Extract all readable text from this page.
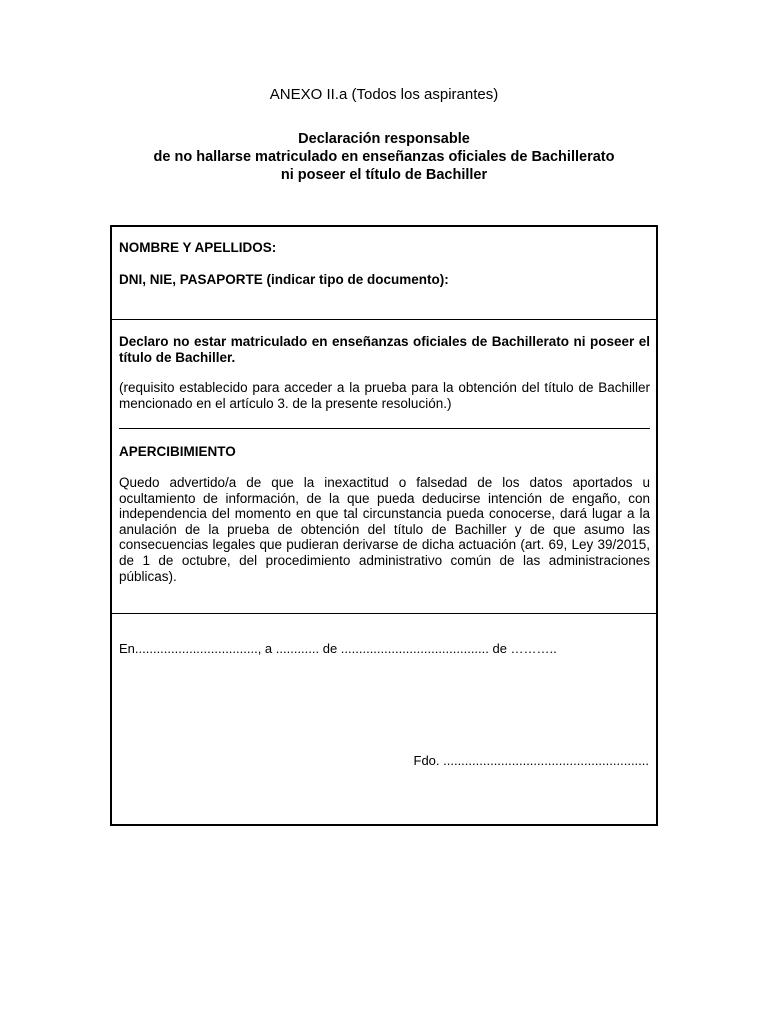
ANEXO II.a (Todos los aspirantes)
Declaración responsable
de no hallarse matriculado en enseñanzas oficiales de Bachillerato
ni poseer el título de Bachiller
NOMBRE Y APELLIDOS:
DNI, NIE, PASAPORTE (indicar tipo de documento):
Declaro no estar matriculado en enseñanzas oficiales de Bachillerato ni poseer el título de Bachiller.
(requisito establecido para acceder a la prueba para la obtención del título de Bachiller mencionado en el artículo 3. de la presente resolución.)
APERCIBIMIENTO
Quedo advertido/a de que la inexactitud o falsedad de los datos aportados u ocultamiento de información, de la que pueda deducirse intención de engaño, con independencia del momento en que tal circunstancia pueda conocerse, dará lugar a la anulación de la prueba de obtención del título de Bachiller y de que asumo las consecuencias legales que pudieran derivarse de dicha actuación (art. 69, Ley 39/2015, de 1 de octubre, del procedimiento administrativo común de las administraciones públicas).
En.................................., a ............ de ......................................... de ………..
Fdo. .........................................................
